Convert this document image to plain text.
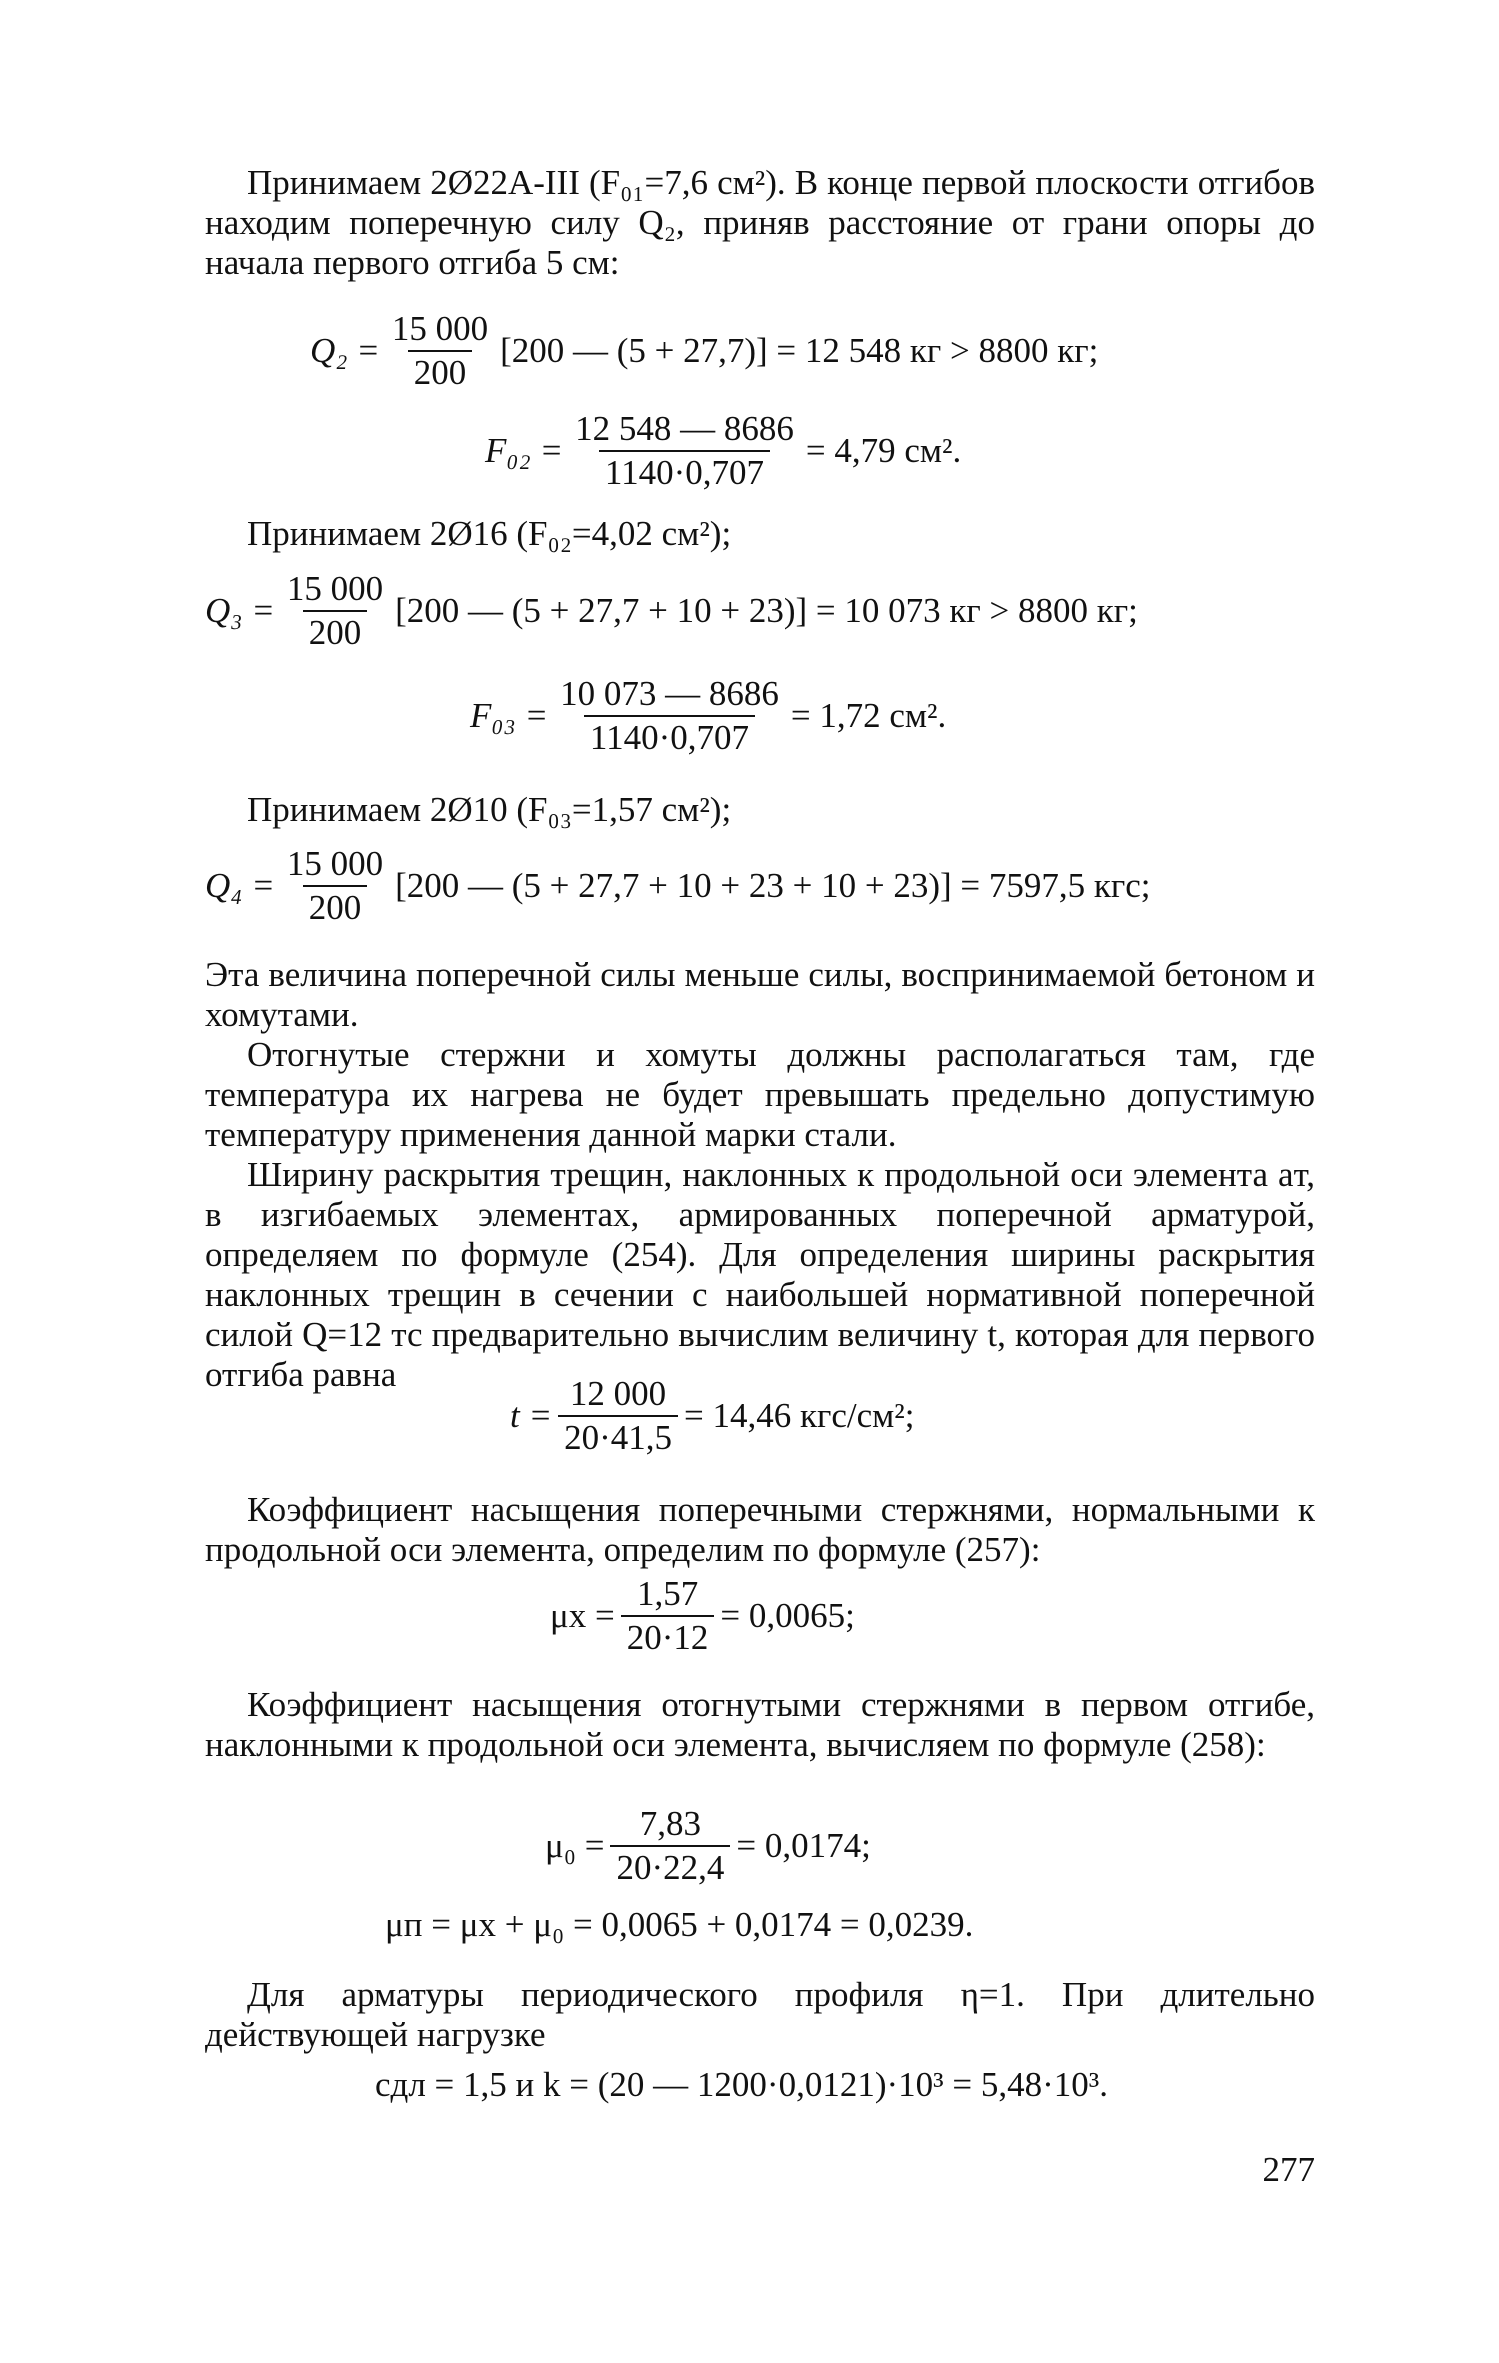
Принимаем 2Ø22А-III (F₀₁=7,6 см²). В конце первой плоскости отгибов находим поперечную силу Q₂, приняв расстояние от грани опоры до начала первого отгиба 5 см:
$Q_2 = \frac{15 000}{200} [200$ — (5 + 27,7)] = 12 548 кг > 8800 кг;
$F_{02} = \frac{12 548 — 8686}{1140\cdot 0,707} = 4,79$ см².
Принимаем 2Ø16 (F₀₂=4,02 см²);
$Q_3 = \frac{15 000}{200} [200$ — (5 + 27,7 + 10 + 23)] = 10 073 кг > 8800 кг;
$F_{03} = \frac{10 073 — 8686}{1140\cdot 0,707} = 1,72$ см².
Принимаем 2Ø10 (F₀₃=1,57 см²);
$Q_4 = \frac{15 000}{200} [200$ — (5 + 27,7 + 10 + 23 + 10 + 23)] = 7597,5 кгс;
Эта величина поперечной силы меньше силы, воспринимаемой бетоном и хомутами.
Отогнутые стержни и хомуты должны располагаться там, где температура их нагрева не будет превышать предельно допустимую температуру применения данной марки стали.
Ширину раскрытия трещин, наклонных к продольной оси элемента aт, в изгибаемых элементах, армированных поперечной арматурой, определяем по формуле (254). Для определения ширины раскрытия наклонных трещин в сечении с наибольшей нормативной поперечной силой Q=12 тс предварительно вычислим величину t, которая для первого отгиба равна
$t = \frac{12 000}{20\cdot 41,5} = 14,46$ кгс/см²;
Коэффициент насыщения поперечными стержнями, нормальными к продольной оси элемента, определим по формуле (257):
$\mu x = \frac{1,57}{20\cdot 12} = 0,0065$;
Коэффициент насыщения отогнутыми стержнями в первом отгибе, наклонными к продольной оси элемента, вычисляем по формуле (258):
$\mu_0 = \frac{7,83}{20\cdot 22,4} = 0,0174$;
μп = μx + μ₀ = 0,0065 + 0,0174 = 0,0239.
Для арматуры периодического профиля η=1. При длительно действующей нагрузке
cдл = 1,5 и k = (20 — 1200·0,0121)·10³ = 5,48·10³.
277
